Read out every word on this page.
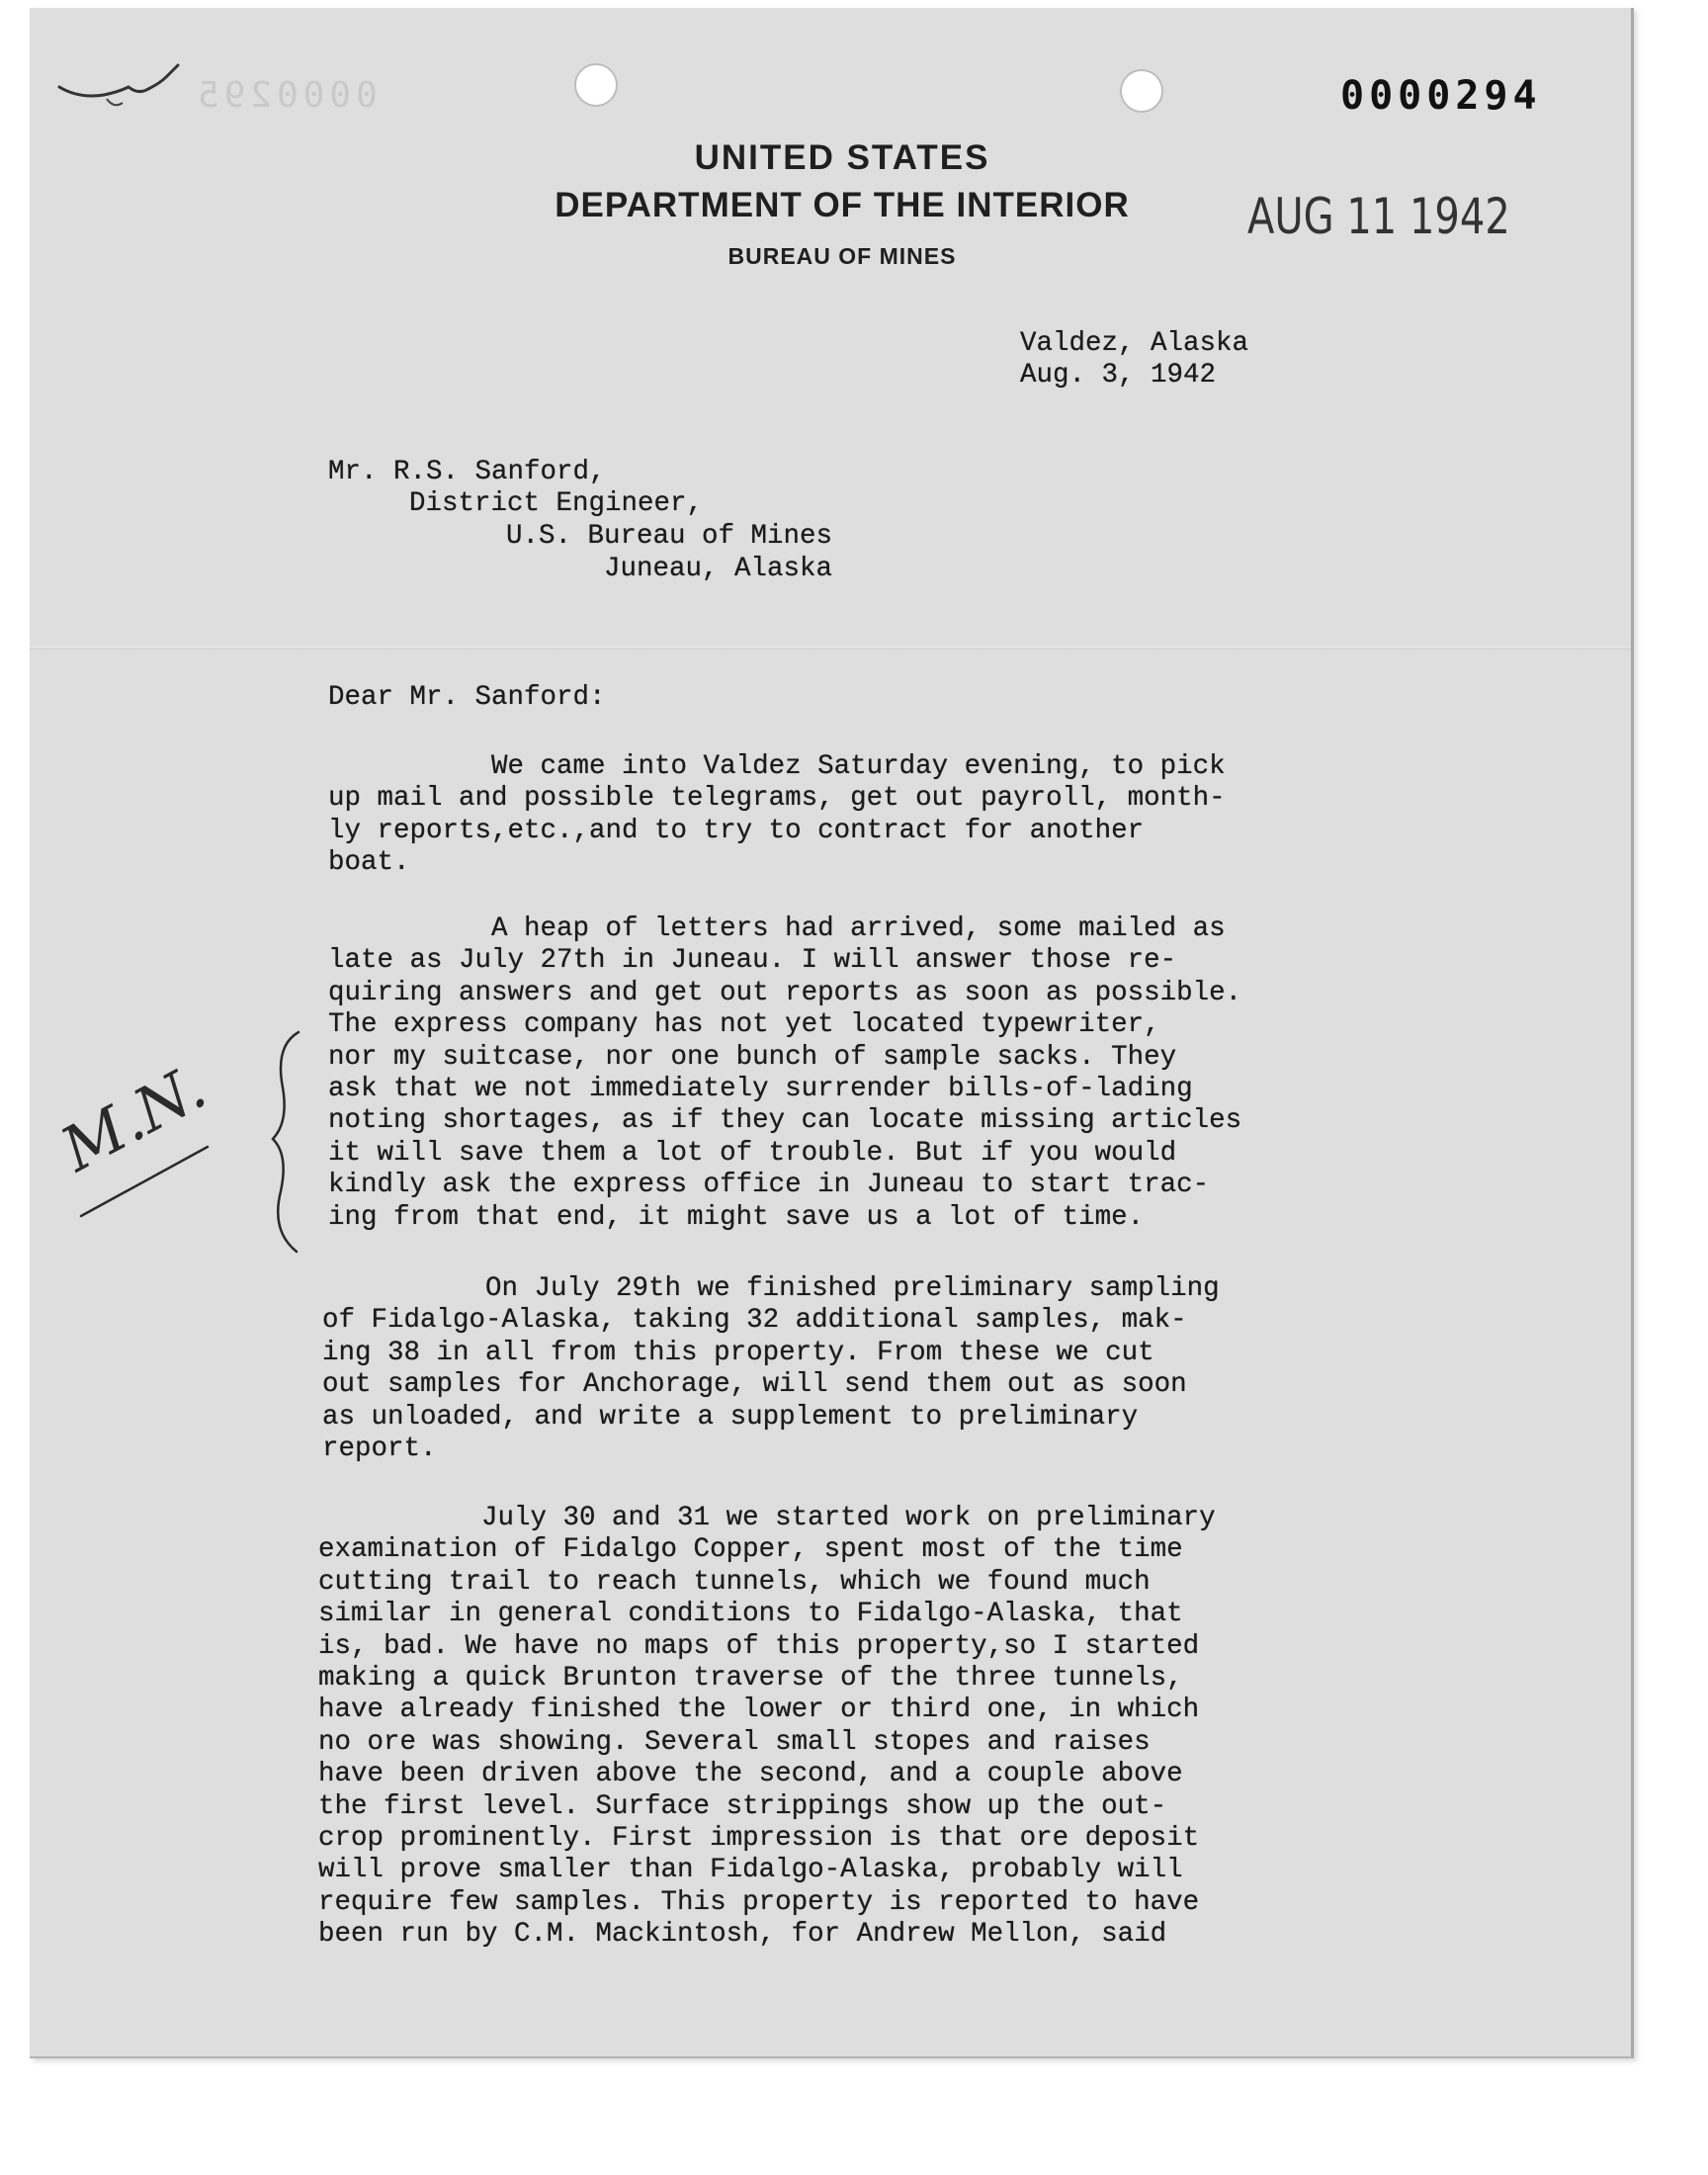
0000295	0000294

UNITED STATES

DEPARTMENT OF THE INTERIOR

BUREAU OF MINES

AUG 11 1942

Valdez, Alaska
Aug. 3, 1942
Mr. R.S. Sanford,
District Engineer,
U.S. Bureau of Mines
Juneau, Alaska
Dear Mr. Sanford:
We came into Valdez Saturday evening, to pick
up mail and possible telegrams, get out payroll, month-
ly reports,etc.,and to try to contract for another
boat.
A heap of letters had arrived, some mailed as
late as July 27th in Juneau. I will answer those re-
quiring answers and get out reports as soon as possible.
The express company has not yet located typewriter,
nor my suitcase, nor one bunch of sample sacks. They
ask that we not immediately surrender bills-of-lading
noting shortages, as if they can locate missing articles
it will save them a lot of trouble. But if you would
kindly ask the express office in Juneau to start trac-
ing from that end, it might save us a lot of time.
On July 29th we finished preliminary sampling
of Fidalgo-Alaska, taking 32 additional samples, mak-
ing 38 in all from this property. From these we cut
out samples for Anchorage, will send them out as soon
as unloaded, and write a supplement to preliminary
report.
July 30 and 31 we started work on preliminary
examination of Fidalgo Copper, spent most of the time
cutting trail to reach tunnels, which we found much
similar in general conditions to Fidalgo-Alaska, that
is, bad. We have no maps of this property,so I started
making a quick Brunton traverse of the three tunnels,
have already finished the lower or third one, in which
no ore was showing. Several small stopes and raises
have been driven above the second, and a couple above
the first level. Surface strippings show up the out-
crop prominently. First impression is that ore deposit
will prove smaller than Fidalgo-Alaska, probably will
require few samples. This property is reported to have
been run by C.M. Mackintosh, for Andrew Mellon, said
M.N.
